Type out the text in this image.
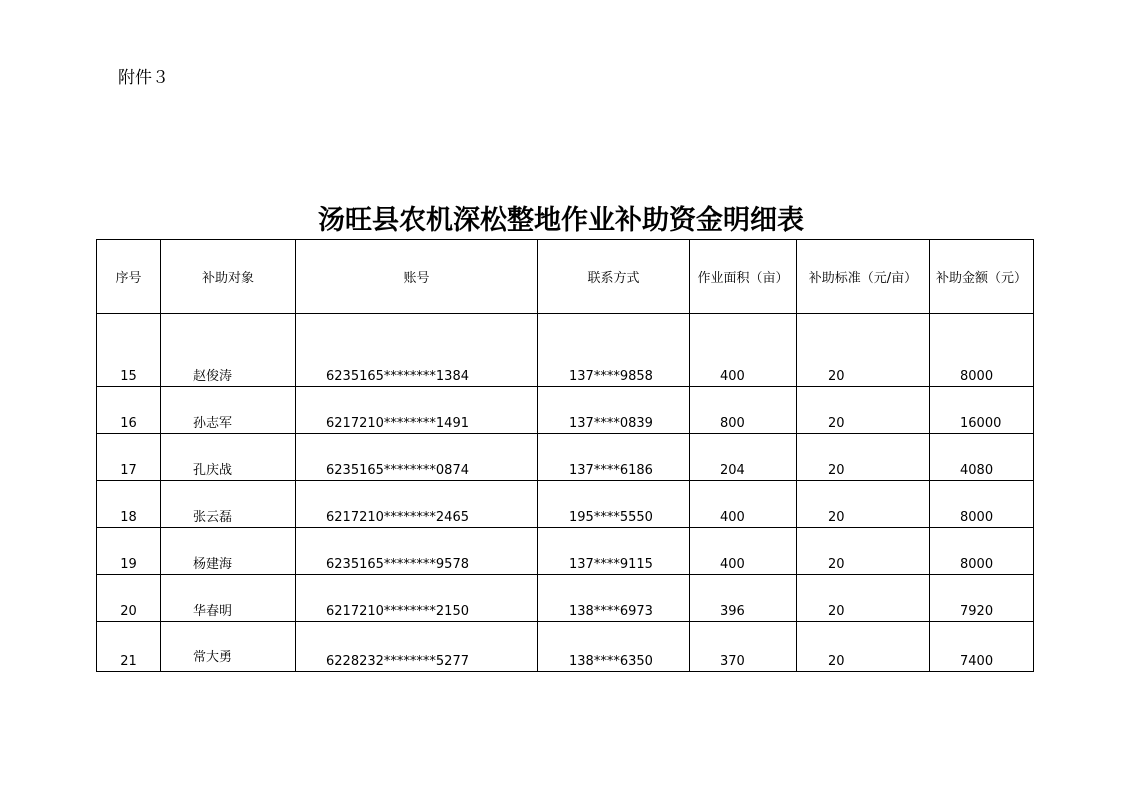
附件３
汤旺县农机深松整地作业补助资金明细表
序号	补助对象	账号	联系方式	作业面积（亩）	补助标准（元/亩）	补助金额（元）
15	赵俊涛	6235165********1384	137****9858	400	20	8000
16	孙志军	6217210********1491	137****0839	800	20	16000
17	孔庆战	6235165********0874	137****6186	204	20	4080
18	张云磊	6217210********2465	195****5550	400	20	8000
19	杨建海	6235165********9578	137****9115	400	20	8000
20	华春明	6217210********2150	138****6973	396	20	7920
21	常大勇	6228232********5277	138****6350	370	20	7400
